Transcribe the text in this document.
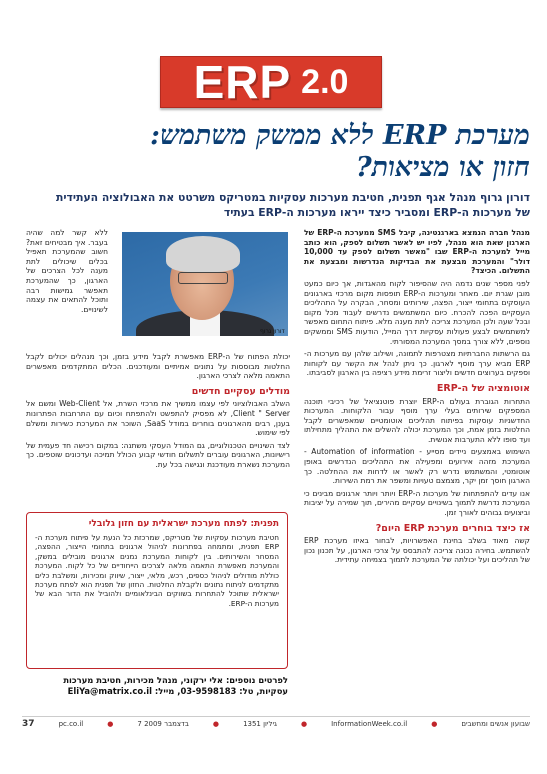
ERP 2.0
מערכת ERP ללא ממשק משתמש:
חזון או מציאות?
דורון גרוף מנהל אגף תפנית, חטיבת מערכות עסקיות במטריקס משרטט את האבולוציה העתידית
של מערכות ה-ERP ומסביר כיצד ייראו מערכות ה-ERP בעתיד

מנהל חברה הנמצא בארגנטינה, קיבל SMS ממערכת ה-ERP של הארגון שאת הוא מנהל, לפיו יש לאשר תשלום לספק, הוא כותב מייל למערכת ה-ERP שבו "מאשר תשלום לספק עד 10,000 דולר" והמערכת מבצעת את הבדיקות הנדרשות ומבצעת את התשלום. הכיצד?

לפני מספר שנים נדמה היה שהסיפור לקוח מהאגדות, אך כיום כמעט מובן שגרת יום. מאחר ומערכות ה-ERP תופסות מקום מרכזי בארגונים העוסקים בתחומי ייצור, הפצה, שירותים ומסחר, הבקרה על התהליכים העסקיים הפכה להכרח. כיום המשתמשים נדרשים לעבוד מכל מקום ובכל שעה ולכן המערכת צריכה לתת מענה מלא. פיתוח התחום מאפשר למשתמשים לבצע פעולות עסקיות דרך המייל, הודעות SMS וממשקים נוספים, ללא צורך במסך המערכת המסורתי.

גם הרשתות החברתיות מצטרפות לתמונה, ושילוב שלהן עם מערכות ה-ERP מביא ערך מוסף לארגון. כך ניתן לנהל את הקשר עם לקוחות וספקים בערוצים חדשים וליצור זרימת מידע רציפה בין הארגון לסביבתו.

אוטומציה של ה-ERP

התחרות הגוברת בעולם ה-ERP יוצרת פוטנציאל של רכיבי תוכנה המספקים שירותים בעלי ערך מוסף עבור הלקוחות. המערכות החדשניות עוסקות בפיתוח תהליכים אוטומטיים שמאפשרים לקבל החלטות בזמן אמת, וכך המערכת יכולה להשלים את התהליך מתחילתו ועד סופו ללא התערבות אנושית.

השימוש באמצעים ניידים מסייע - Automation of information - המערכת מזהה אירועים ומפעילה את התהליכים הנדרשים באופן אוטומטי, והמשתמש נדרש רק לאשר או לדחות את ההחלטה. כך הארגון חוסך זמן יקר, מצמצם טעויות ומשפר את רמת השירות.

אנו עדים להתפתחות של מערכות ה-ERP ויותר ויותר ארגונים מבינים כי המערכת נדרשת לתמוך בשינויים עסקיים מהירים, תוך שמירה על יציבות וביצועים גבוהים לאורך זמן.

אז כיצד בוחרים מערכת ERP היום?

קשה מאוד בשלב בחינת האפשרויות, לבחור באיזו מערכת ERP להשתמש. בחירה נכונה צריכה להתבסס על צרכי הארגון, על תכנון נכון של תהליכים ועל יכולתה של המערכת לתמוך בצמיחה עתידית.

ללא קשר למה שהיה בעבר. איך מבטיחים זאת? חשוב שהמערכת תאפיל בכלים שיכולים לתת מענה לכל הצרכים של הארגון, כך שהמערכת תאפשר גמישות רבה ותוכל להתאים את עצמה לשינויים.

דורון גרוף

יכולת הפתוח של ה-ERP מאפשרת לקבל מידע בזמן, וכך מנהלים יכולים לקבל החלטות מבוססות על נתונים אמיתיים ומעודכנים. הכלים המתקדמים מאפשרים התאמה מלאה לצרכי הארגון.

מודלים עסקיים חדשים

השלב האבולוציוני לפי עצמו ממשיך את מרכזי השרת, אל Web-Client ומשם אל Client " Server, לא מפסיק להתפשט ולהתפתח וכיום עם התרחבות הפתרונות בענן, רבים מהארגונים בוחרים במודל SaaS, השוכר את המערכת כשירות ומשלם לפי שימוש.

לצד השינויים הטכנולוגיים, גם המודל העסקי משתנה: במקום רכישה חד פעמית של רישיונות, הארגונים עוברים לתשלום חודשי קבוע הכולל תמיכה ועדכונים שוטפים. כך המערכת נשארת מעודכנת ונגישה בכל עת.

תפנית: לפתח מערכת ישראלית עם חזון גלובלי

חטיבת מערכות עסקיות של מטריקס, שמרכזת כל הנעת על פיתוח מערכת ה-ERP תפנית, ומתמחה בפתרונות לניהול ארגונים בתחומי הייצור, ההפצה, המסחר והשירותים. בין לקוחות המערכת נמנים ארגונים מובילים במשק, והמערכת מאפשרת התאמה מלאה לצרכים הייחודיים של כל לקוח. המערכת כוללת מודולים לניהול כספים, רכש, מלאי, ייצור, שיווק ומכירות, ומשלבת כלים מתקדמים לניתוח נתונים ולקבלת החלטות. החזון של תפנית הוא לפתח מערכת ישראלית שתוכל להתחרות בשווקים הבינלאומיים ולהוביל את הדור הבא של מערכות ה-ERP.

לפרטים נוספים: אלי ירקוני, מנהל מכירות, חטיבת מערכות
עסקיות, טל: 03-9598183, מייל: EliYa@matrix.co.il
37	pc.co.il	●	7 בדצמבר 2009	●	גיליון 1351	●	InformationWeek.co.il	●	שבועון אנשים ומחשבים
